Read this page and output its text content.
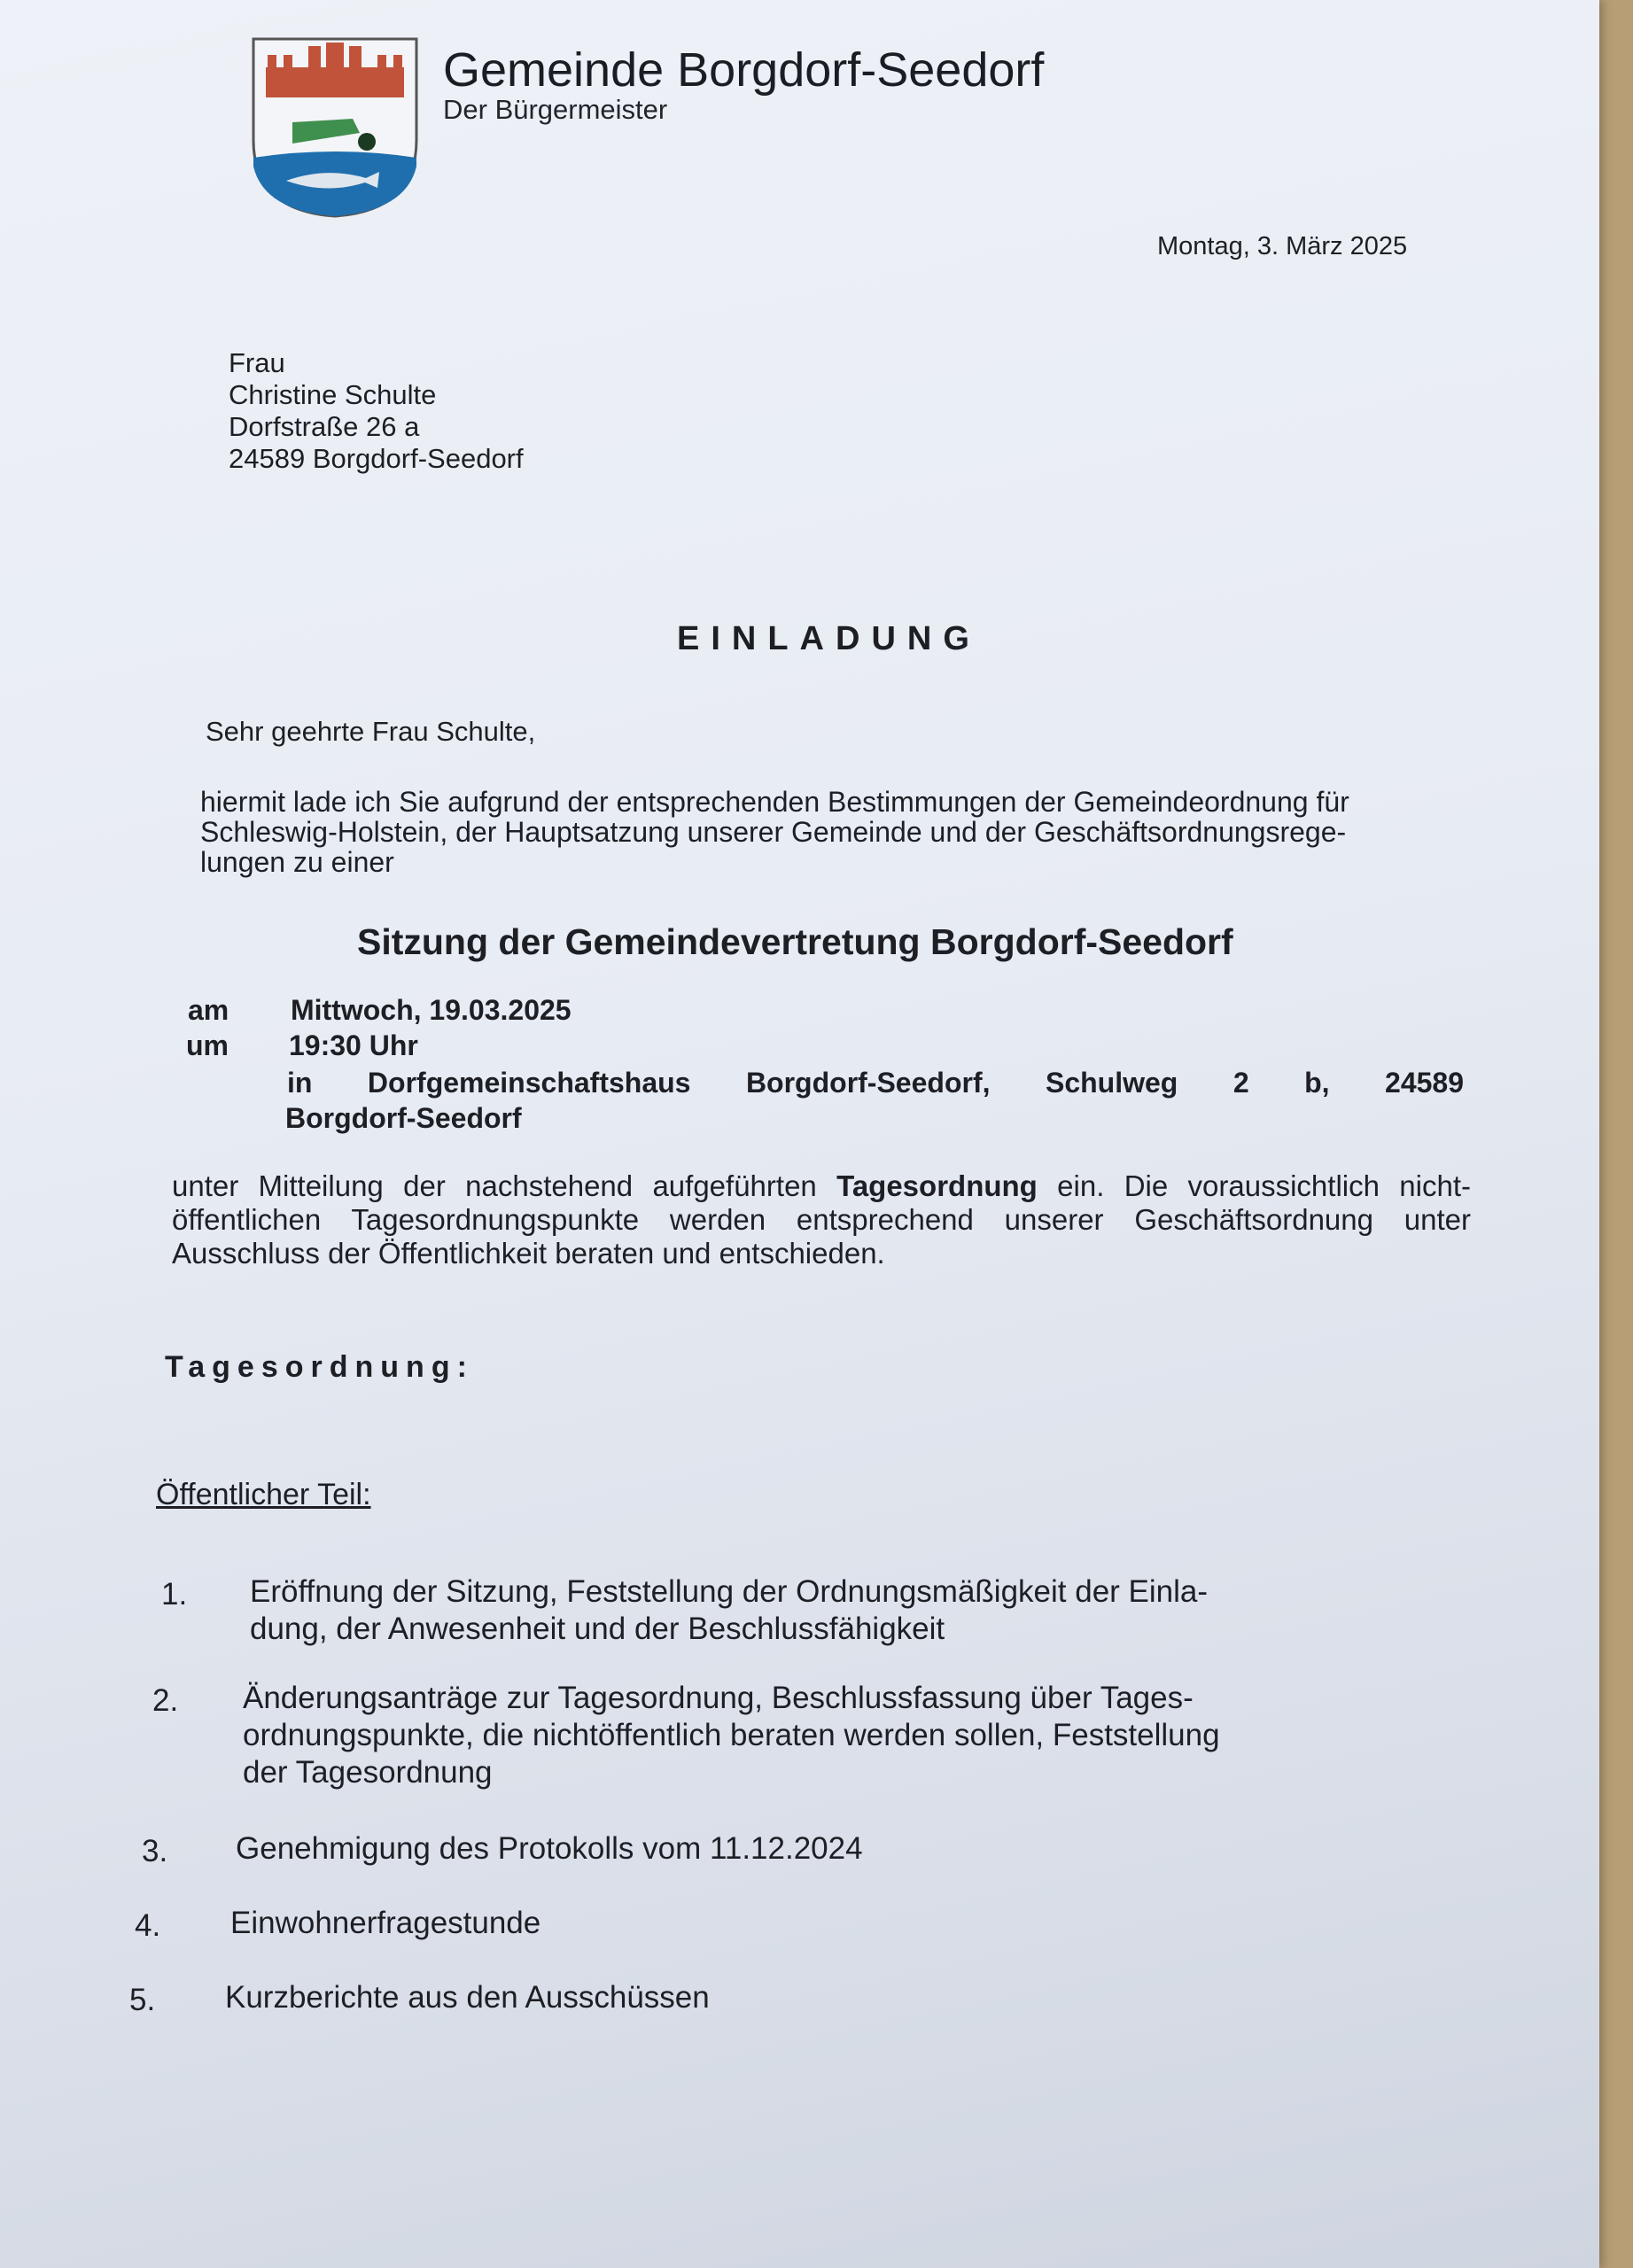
Gemeinde Borgdorf-Seedorf

Der Bürgermeister

Montag, 3. März 2025

Frau
Christine Schulte
Dorfstraße 26 a
24589 Borgdorf-Seedorf
EINLADUNG

Sehr geehrte Frau Schulte,

hiermit lade ich Sie aufgrund der entsprechenden Bestimmungen der Gemeindeordnung für
Schleswig-Holstein, der Hauptsatzung unserer Gemeinde und der Geschäftsordnungsrege-
lungen zu einer
Sitzung der Gemeindevertretung Borgdorf-Seedorf
am Mittwoch, 19.03.2025
um 19:30 Uhr
in Dorfgemeinschaftshaus Borgdorf-Seedorf, Schulweg 2 b, 24589
Borgdorf-Seedorf

unter Mitteilung der nachstehend aufgeführten Tagesordnung ein. Die voraussichtlich nicht-öffentlichen Tagesordnungspunkte werden entsprechend unserer Geschäftsordnung unter Ausschluss der Öffentlichkeit beraten und entschieden.

Tagesordnung:

Öffentlicher Teil:

1. Eröffnung der Sitzung, Feststellung der Ordnungsmäßigkeit der Einla-
dung, der Anwesenheit und der Beschlussfähigkeit
2. Änderungsanträge zur Tagesordnung, Beschlussfassung über Tages-
ordnungspunkte, die nichtöffentlich beraten werden sollen, Feststellung
der Tagesordnung
3. Genehmigung des Protokolls vom 11.12.2024
4. Einwohnerfragestunde
5. Kurzberichte aus den Ausschüssen
